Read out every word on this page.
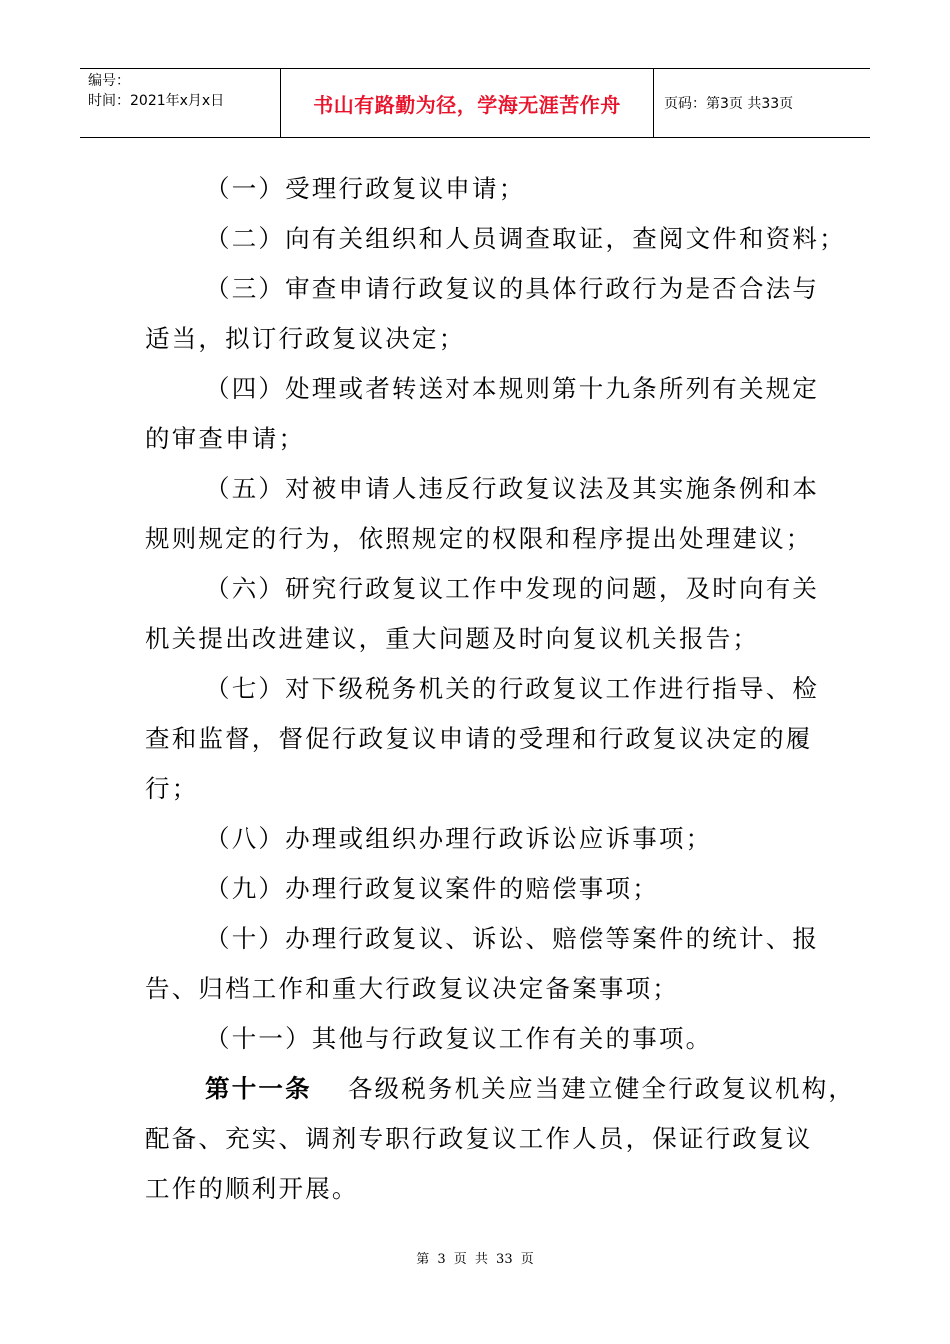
编号：
时间：2021年x月x日	书山有路勤为径，学海无涯苦作舟	页码：第3页 共33页
（一）受理行政复议申请；
（二）向有关组织和人员调查取证，查阅文件和资料；
（三）审查申请行政复议的具体行政行为是否合法与
适当，拟订行政复议决定；
（四）处理或者转送对本规则第十九条所列有关规定
的审查申请；
（五）对被申请人违反行政复议法及其实施条例和本
规则规定的行为，依照规定的权限和程序提出处理建议；
（六）研究行政复议工作中发现的问题，及时向有关
机关提出改进建议，重大问题及时向复议机关报告；
（七）对下级税务机关的行政复议工作进行指导、检
查和监督，督促行政复议申请的受理和行政复议决定的履
行；
（八）办理或组织办理行政诉讼应诉事项；
（九）办理行政复议案件的赔偿事项；
（十）办理行政复议、诉讼、赔偿等案件的统计、报
告、归档工作和重大行政复议决定备案事项；
（十一）其他与行政复议工作有关的事项。
第十一条 各级税务机关应当建立健全行政复议机构，
配备、充实、调剂专职行政复议工作人员，保证行政复议
工作的顺利开展。
第 3 页 共 33 页
